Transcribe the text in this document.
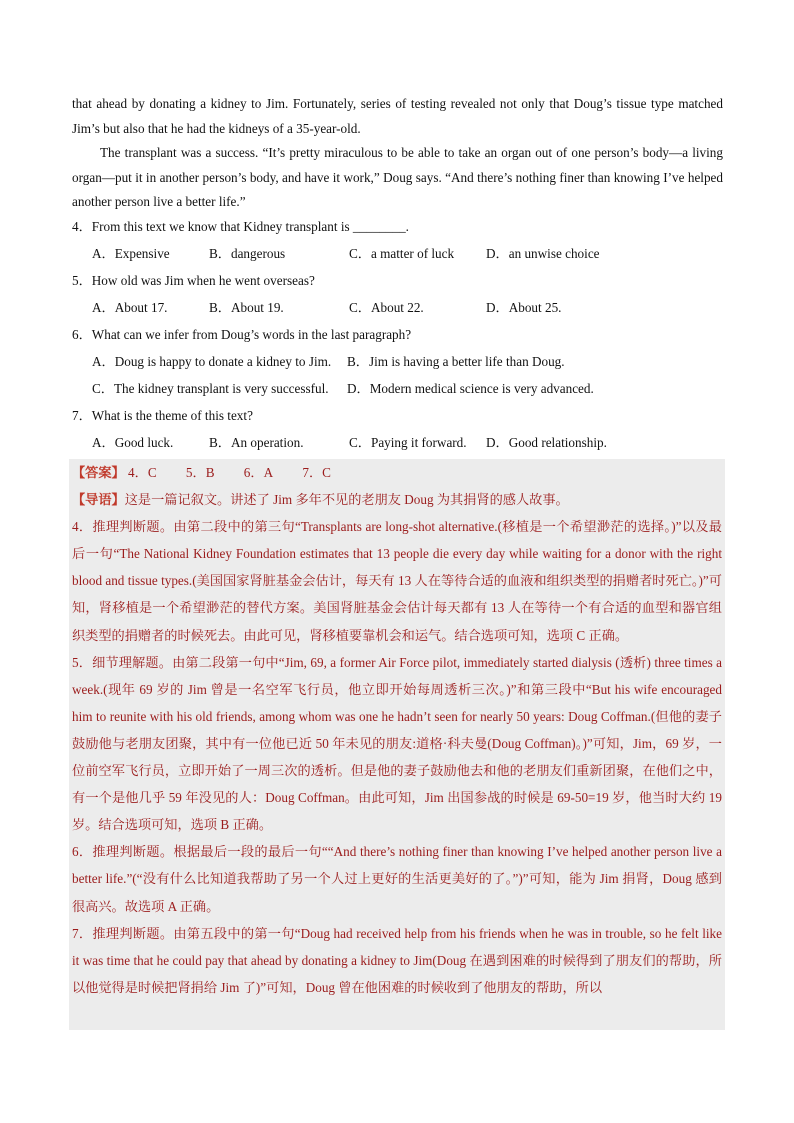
that ahead by donating a kidney to Jim. Fortunately, series of testing revealed not only that Doug’s tissue type matched Jim’s but also that he had the kidneys of a 35-year-old.

The transplant was a success. “It’s pretty miraculous to be able to take an organ out of one person’s body—a living organ—put it in another person’s body, and have it work,” Doug says. “And there’s nothing finer than knowing I’ve helped another person live a better life.”

4．From this text we know that Kidney transplant is ________.

A．Expensive	B．dangerous	C．a matter of luck D．an unwise choice

5．How old was Jim when he went overseas?

A．About 17.	B．About 19.	C．About 22.	D．About 25.

6．What can we infer from Doug’s words in the last paragraph?

A．Doug is happy to donate a kidney to Jim. B．Jim is having a better life than Doug.
C．The kidney transplant is very successful. D．Modern medical science is very advanced.

7．What is the theme of this text?

A．Good luck.	B．An operation.	C．Paying it forward. D．Good relationship.

【答案】 4．C 5．B 6．A 7．C

【导语】这是一篇记叙文。讲述了 Jim 多年不见的老朋友 Doug 为其捐肾的感人故事。

4．推理判断题。由第二段中的第三句“Transplants are long-shot alternative.(移植是一个希望渺茫的选择。)”以及最后一句“The National Kidney Foundation estimates that 13 people die every day while waiting for a donor with the right blood and tissue types.(美国国家肾脏基金会估计，每天有 13 人在等待合适的血液和组织类型的捐赠者时死亡。)”可知，肾移植是一个希望渺茫的替代方案。美国肾脏基金会估计每天都有 13 人在等待一个有合适的血型和器官组织类型的捐赠者的时候死去。由此可见，肾移植要靠机会和运气。结合选项可知，选项 C 正确。

5．细节理解题。由第二段第一句中“Jim, 69, a former Air Force pilot, immediately started dialysis (透析) three times a week.(现年 69 岁的 Jim 曾是一名空军飞行员，他立即开始每周透析三次。)”和第三段中“But his wife encouraged him to reunite with his old friends, among whom was one he hadn’t seen for nearly 50 years: Doug Coffman.(但他的妻子鼓励他与老朋友团聚，其中有一位他已近 50 年未见的朋友:道格·科夫曼(Doug Coffman)。)”可知，Jim，69 岁，一位前空军飞行员，立即开始了一周三次的透析。但是他的妻子鼓励他去和他的老朋友们重新团聚，在他们之中，有一个是他几乎 59 年没见的人：Doug Coffman。由此可知，Jim 出国参战的时候是 69-50=19 岁，他当时大约 19 岁。结合选项可知，选项 B 正确。

6．推理判断题。根据最后一段的最后一句““And there’s nothing finer than knowing I’ve helped another person live a better life.”(“没有什么比知道我帮助了另一个人过上更好的生活更美好的了。”)”可知，能为 Jim 捐肾，Doug 感到很高兴。故选项 A 正确。

7．推理判断题。由第五段中的第一句“Doug had received help from his friends when he was in trouble, so he felt like it was time that he could pay that ahead by donating a kidney to Jim(Doug 在遇到困难的时候得到了朋友们的帮助，所以他觉得是时候把肾捐给 Jim 了)”可知，Doug 曾在他困难的时候收到了他朋友的帮助，所以
